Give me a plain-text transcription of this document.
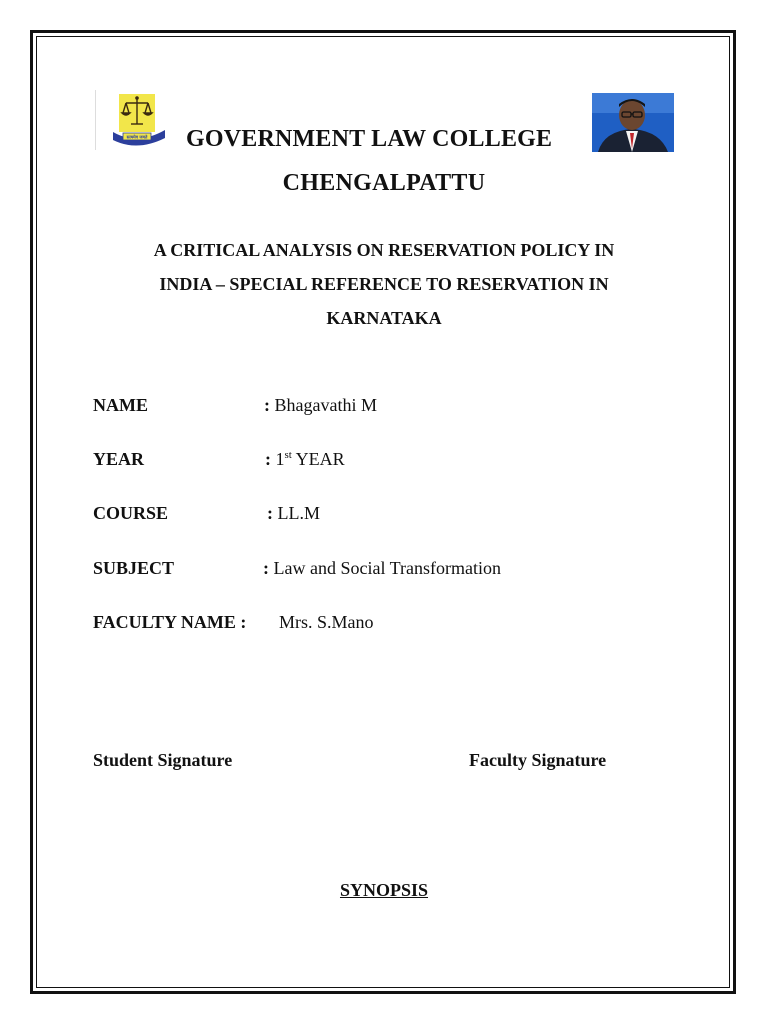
सत्यमेव जयते GOVERNMENT LAW COLLEGE
CHENGALPATTU
A CRITICAL ANALYSIS ON RESERVATION POLICY IN
INDIA – SPECIAL REFERENCE TO RESERVATION IN
KARNATAKA
NAME	: Bhagavathi M
YEAR	: 1st YEAR
COURSE	: LL.M
SUBJECT	: Law and Social Transformation
FACULTY NAME : Mrs. S.Mano
Student Signature	Faculty Signature
SYNOPSIS
